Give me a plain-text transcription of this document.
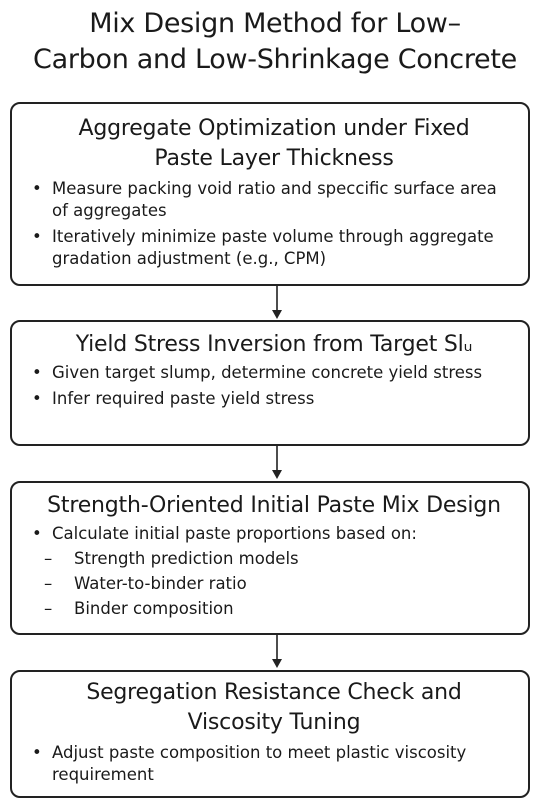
Mix Design Method for Low–
Carbon and Low-Shrinkage Concrete
Aggregate Optimization under Fixed
Paste Layer Thickness
• Measure packing void ratio and speccific surface area of aggregates
• Iteratively minimize paste volume through aggregate gradation adjustment (e.g., CPM)
Yield Stress Inversion from Target Slᵤ
• Given target slump, determine concrete yield stress
• Infer required paste yield stress
Strength-Oriented Initial Paste Mix Design
• Calculate initial paste proportions based on:
– Strength prediction models
– Water-to-binder ratio
– Binder composition
Segregation Resistance Check and
Viscosity Tuning
• Adjust paste composition to meet plastic viscosity requirement
